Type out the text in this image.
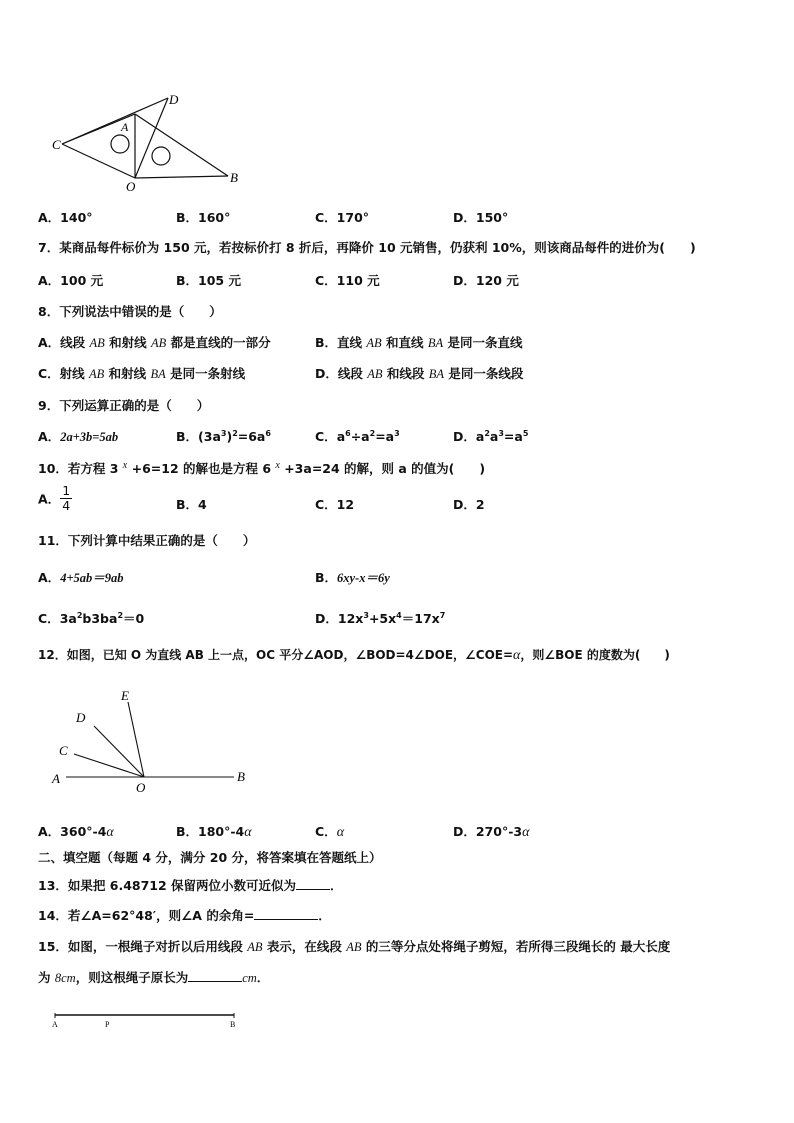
C
A
D
O
B
A．140°	B．160°	C．170°	D．150°
7．某商品每件标价为 150 元，若按标价打 8 折后，再降价 10 元销售，仍获利 10%，则该商品每件的进价为(　　)
A．100 元	B．105 元	C．110 元	D．120 元
8．下列说法中错误的是（　　）
A．线段 AB 和射线 AB 都是直线的一部分	B．直线 AB 和直线 BA 是同一条直线
C．射线 AB 和射线 BA 是同一条射线	D．线段 AB 和线段 BA 是同一条线段
9．下列运算正确的是（　　）
A．2a+3b=5ab	B．$(3a^3)^2=6a^6$	C．$a^6\div a^2=a^3$	D．$a^2a^3=a^5$
10．若方程 3 $^x$ +6=12 的解也是方程 6 $^x$ +3a=24 的解，则 a 的值为(　　)
A． $\frac{1}{4}$	B．4	C．12	D．2
11．下列计算中结果正确的是（　　）
A．4+5ab＝9ab	B．6xy-x＝6y
C．$3a^2b3ba^2=0$	D．$12x^3+5x^4=17x^7$
12．如图，已知 O 为直线 AB 上一点，OC 平分∠AOD，∠BOD=4∠DOE，∠COE=α，则∠BOE 的度数为(　　)
A
O
B
E
D
C
A．360°-4α	B．180°-4α	C．α	D．270°-3α
二、填空题（每题 4 分，满分 20 分，将答案填在答题纸上）
13．如果把 6.48712 保留两位小数可近似为	．
14．若∠A=62°48′，则∠A 的余角=	．
15．如图，一根绳子对折以后用线段 AB 表示，在线段 AB 的三等分点处将绳子剪短，若所得三段绳长的 最大长度
为 8cm，则这根绳子原长为	cm．
A	P	B
